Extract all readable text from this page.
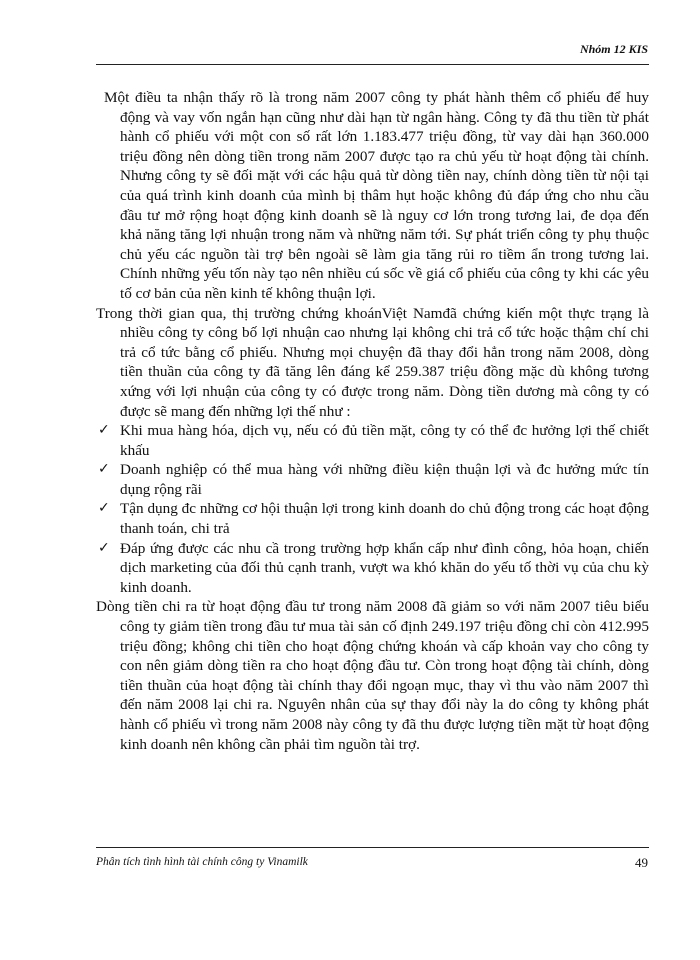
Nhóm 12 KIS

Một điều ta nhận thấy rõ là trong năm 2007 công ty phát hành thêm cổ phiếu để huy động và vay vốn ngắn hạn cũng như dài hạn từ ngân hàng. Công ty đã thu tiền từ phát hành cổ phiếu với một con số rất lớn 1.183.477 triệu đồng, từ vay dài hạn 360.000 triệu đồng nên dòng tiền trong năm 2007 được tạo ra chủ yếu từ hoạt động tài chính. Nhưng công ty sẽ đối mặt với các hậu quả từ dòng tiền nay, chính dòng tiền từ nội tại của quá trình kinh doanh của mình bị thâm hụt hoặc không đủ đáp ứng cho nhu cầu đầu tư mở rộng hoạt động kinh doanh sẽ là nguy cơ lớn trong tương lai, đe dọa đến khả năng tăng lợi nhuận trong năm và những năm tới. Sự phát triển công ty phụ thuộc chủ yếu các nguồn tài trợ bên ngoài sẽ làm gia tăng rủi ro tiềm ẩn trong tương lai. Chính những yếu tốn này tạo nên nhiều cú sốc về giá cổ phiếu của công ty khi các yêu tố cơ bản của nền kinh tế không thuận lợi.

Trong thời gian qua, thị trường chứng khoánViệt Namđã chứng kiến một thực trạng là nhiều công ty công bố lợi nhuận cao nhưng lại không chi trả cổ tức hoặc thậm chí chi trả cổ tức bằng cổ phiếu. Nhưng mọi chuyện đã thay đổi hẳn trong năm 2008, dòng tiền thuần của công ty đã tăng lên đáng kể 259.387 triệu đồng mặc dù không tương xứng với lợi nhuận của công ty có được trong năm. Dòng tiền dương mà công ty có được sẽ mang đến những lợi thế như :

✓ Khi mua hàng hóa, dịch vụ, nếu có đủ tiền mặt, công ty có thể đc hưởng lợi thế chiết khấu
✓ Doanh nghiệp có thể mua hàng với những điều kiện thuận lợi và đc hưởng mức tín dụng rộng rãi
✓ Tận dụng đc những cơ hội thuận lợi trong kinh doanh do chủ động trong các hoạt động thanh toán, chi trả
✓ Đáp ứng được các nhu cầ trong trường hợp khẩn cấp như đình công, hỏa hoạn, chiến dịch marketing của đối thủ cạnh tranh, vượt wa khó khăn do yếu tố thời vụ của chu kỳ kinh doanh.

Dòng tiền chi ra từ hoạt động đầu tư trong năm 2008 đã giảm so với năm 2007 tiêu biểu công ty giảm tiền trong đầu tư mua tài sản cố định 249.197 triệu đồng chỉ còn 412.995 triệu đồng; không chi tiền cho hoạt động chứng khoán và cấp khoản vay cho công ty con nên giảm dòng tiền ra cho hoạt động đầu tư. Còn trong hoạt động tài chính, dòng tiền thuần của hoạt động tài chính thay đổi ngoạn mục, thay vì thu vào năm 2007 thì đến năm 2008 lại chi ra. Nguyên nhân của sự thay đổi này la do công ty không phát hành cổ phiếu vì trong năm 2008 này công ty đã thu được lượng tiền mặt từ hoạt động kinh doanh nên không cần phải tìm nguồn tài trợ.

Phân tích tình hình tài chính công ty Vinamilk	49
